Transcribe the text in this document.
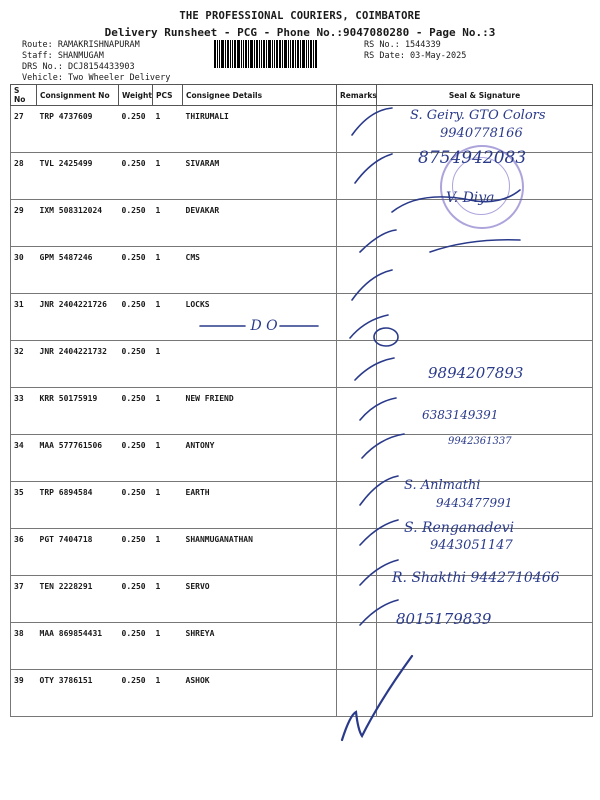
THE PROFESSIONAL COURIERS, COIMBATORE
Delivery Runsheet - PCG - Phone No.:9047080280 - Page No.:3
Route: RAMAKRISHNAPURAM
Staff: SHANMUGAM
DRS No.: DCJ8154433903
Vehicle: Two Wheeler Delivery
RS No.: 1544339
RS Date: 03-May-2025
S No	Consignment No	Weight	PCS	Consignee Details	Remarks	Seal & Signature
27	TRP 4737609	0.250	1	THIRUMALI		
28	TVL 2425499	0.250	1	SIVARAM		
29	IXM 508312024	0.250	1	DEVAKAR		
30	GPM 5487246	0.250	1	CMS		
31	JNR 2404221726	0.250	1	LOCKS		
32	JNR 2404221732	0.250	1			
33	KRR 50175919	0.250	1	NEW FRIEND		
34	MAA 577761506	0.250	1	ANTONY		
35	TRP 6894584	0.250	1	EARTH		
36	PGT 7404718	0.250	1	SHANMUGANATHAN		
37	TEN 2228291	0.250	1	SERVO		
38	MAA 869854431	0.250	1	SHREYA		
39	OTY 3786151	0.250	1	ASHOK		
S. Geiry. GTO Colors
9940778166
8754942083
V. Diya
— D O —
9894207893
6383149391
9942361337
S. Anlmathi
9443477991
S. Renganadevi
9443051147
R. Shakthi 9442710466
8015179839
